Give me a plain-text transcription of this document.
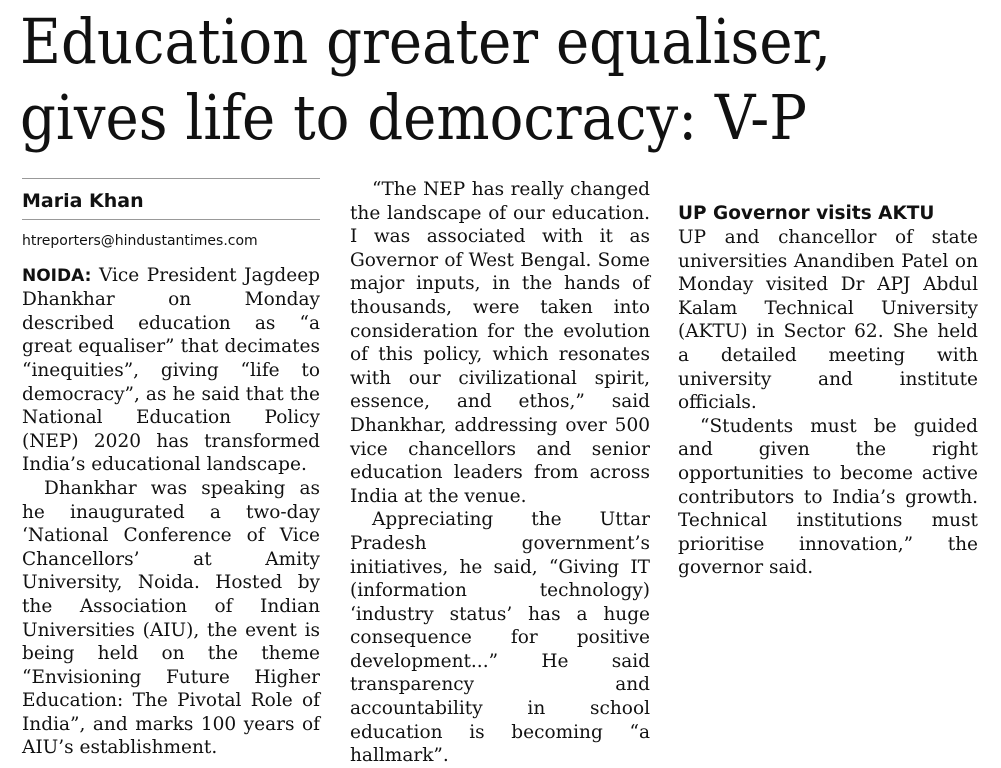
Education greater equaliser,
gives life to democracy: V-P
Maria Khan
htreporters@hindustantimes.com

NOIDA: Vice President Jagdeep Dhankhar on Monday described education as “a great equaliser” that decimates “inequities”, giving “life to democracy”, as he said that the National Education Policy (NEP) 2020 has transformed India’s educational landscape.

Dhankhar was speaking as he inaugurated a two-day ‘National Conference of Vice Chancellors’ at Amity University, Noida. Hosted by the Association of Indian Universities (AIU), the event is being held on the theme “Envisioning Future Higher Education: The Pivotal Role of India”, and marks 100 years of AIU’s establishment.

“The NEP has really changed the landscape of our education. I was associated with it as Governor of West Bengal. Some major inputs, in the hands of thousands, were taken into consideration for the evolution of this policy, which resonates with our civilizational spirit, essence, and ethos,” said Dhankhar, addressing over 500 vice chancellors and senior education leaders from across India at the venue.

Appreciating the Uttar Pradesh government’s initiatives, he said, “Giving IT (information technology) ‘industry status’ has a huge consequence for positive development...” He said transparency and accountability in school education is becoming “a hallmark”.

UP Governor visits AKTU

UP and chancellor of state universities Anandiben Patel on Monday visited Dr APJ Abdul Kalam Technical University (AKTU) in Sector 62. She held a detailed meeting with university and institute officials.

“Students must be guided and given the right opportunities to become active contributors to India’s growth. Technical institutions must prioritise innovation,” the governor said.
